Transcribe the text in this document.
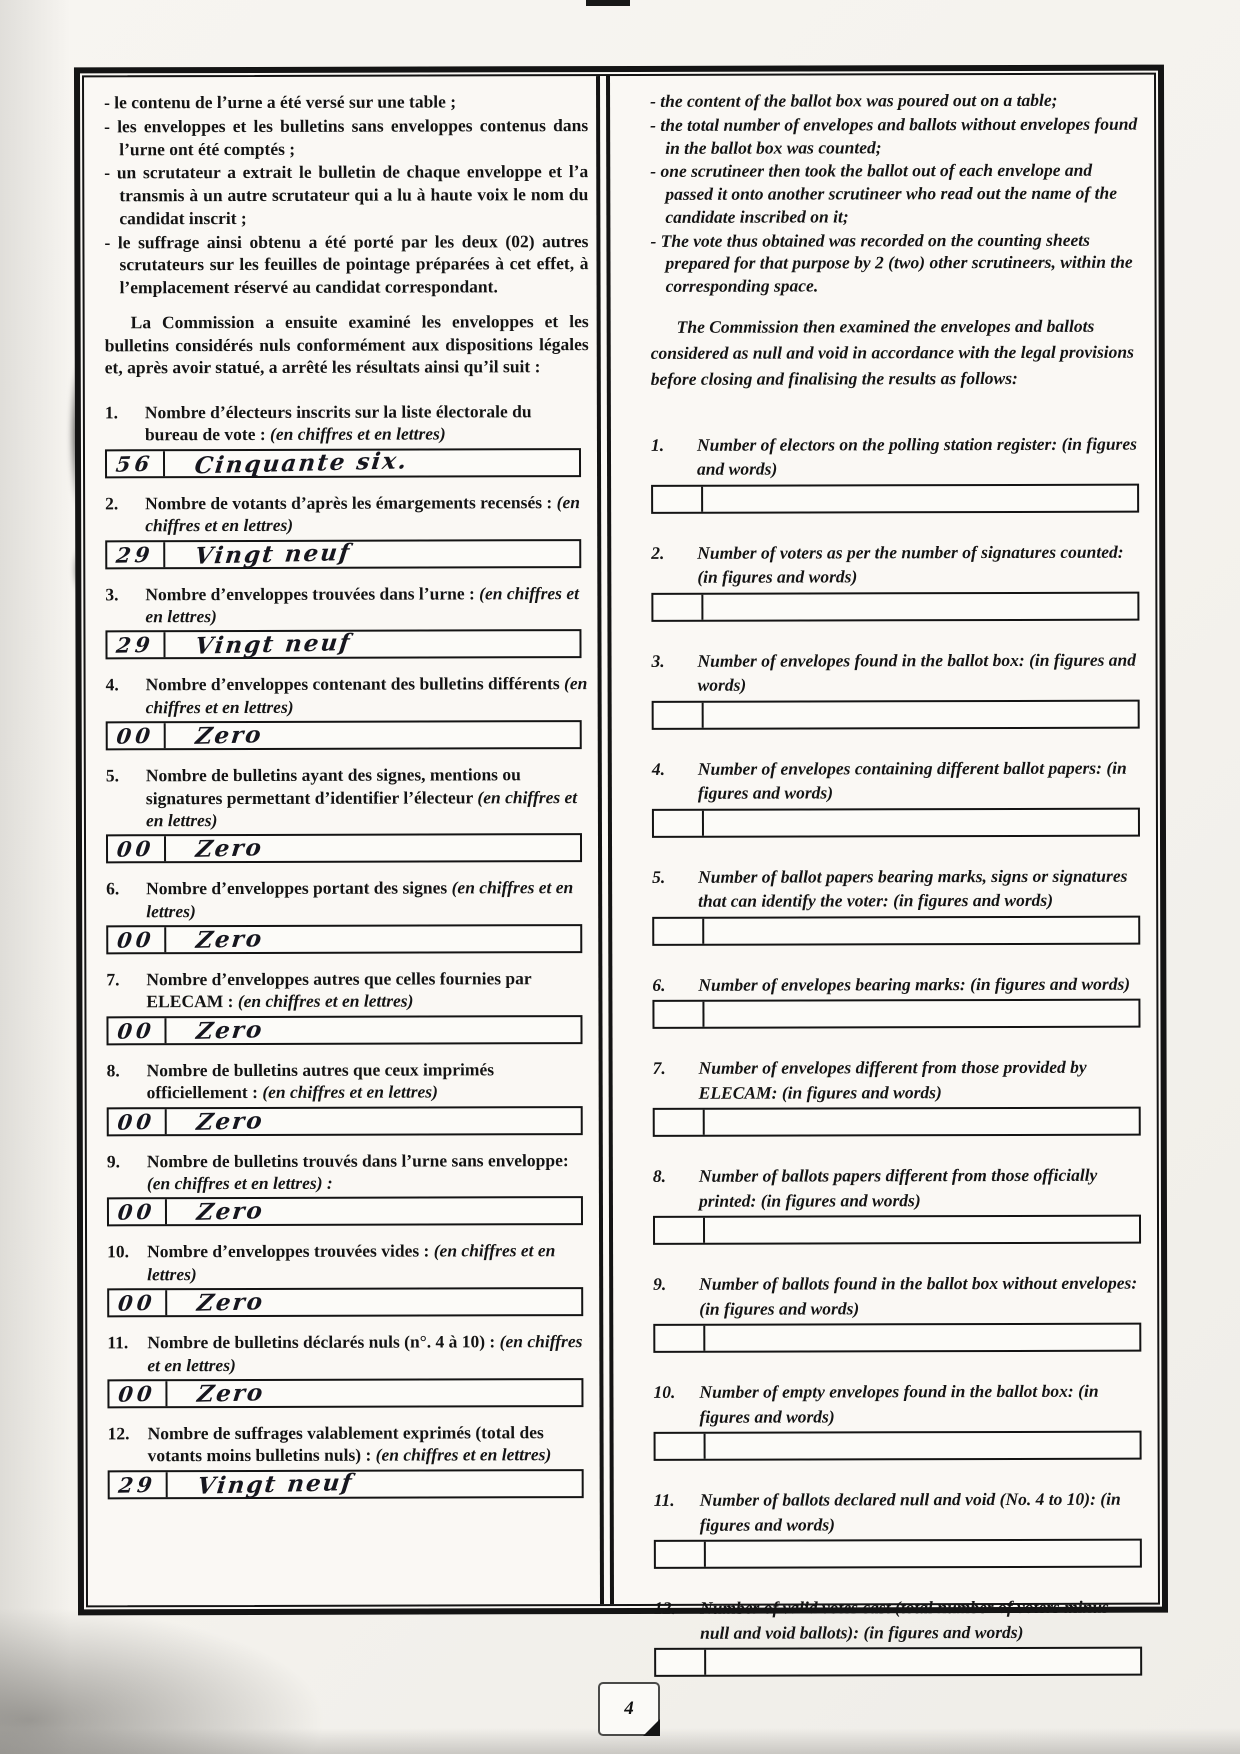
- le contenu de l’urne a été versé sur une table ;
- les enveloppes et les bulletins sans enveloppes contenus dans l’urne ont été comptés ;
- un scrutateur a extrait le bulletin de chaque enveloppe et l’a transmis à un autre scrutateur qui a lu à haute voix le nom du candidat inscrit ;
- le suffrage ainsi obtenu a été porté par les deux (02) autres scrutateurs sur les feuilles de pointage préparées à cet effet, à l’emplacement réservé au candidat correspondant.

La Commission a ensuite examiné les enveloppes et les bulletins considérés nuls conformément aux dispositions légales et, après avoir statué, a arrêté les résultats ainsi qu’il suit :

1.	Nombre d’électeurs inscrits sur la liste électorale du bureau de vote : (en chiffres et en lettres)
56 Cinquante six.
2.	Nombre de votants d’après les émargements recensés : (en chiffres et en lettres)
29 Vingt neuf
3.	Nombre d’enveloppes trouvées dans l’urne : (en chiffres et en lettres)
29 Vingt neuf
4.	Nombre d’enveloppes contenant des bulletins différents (en chiffres et en lettres)
00 Zero
5.	Nombre de bulletins ayant des signes, mentions ou signatures permettant d’identifier l’électeur (en chiffres et en lettres)
00 Zero
6.	Nombre d’enveloppes portant des signes (en chiffres et en lettres)
00 Zero
7.	Nombre d’enveloppes autres que celles fournies par ELECAM : (en chiffres et en lettres)
00 Zero
8.	Nombre de bulletins autres que ceux imprimés officiellement : (en chiffres et en lettres)
00 Zero
9.	Nombre de bulletins trouvés dans l’urne sans enveloppe: (en chiffres et en lettres) :
00 Zero
10.	Nombre d’enveloppes trouvées vides : (en chiffres et en lettres)
00 Zero
11.	Nombre de bulletins déclarés nuls (n°. 4 à 10) : (en chiffres et en lettres)
00 Zero
12.	Nombre de suffrages valablement exprimés (total des votants moins bulletins nuls) : (en chiffres et en lettres)
29 Vingt neuf
- the content of the ballot box was poured out on a table;
- the total number of envelopes and ballots without envelopes found in the ballot box was counted;
- one scrutineer then took the ballot out of each envelope and passed it onto another scrutineer who read out the name of the candidate inscribed on it;
- The vote thus obtained was recorded on the counting sheets prepared for that purpose by 2 (two) other scrutineers, within the corresponding space.

The Commission then examined the envelopes and ballots considered as null and void in accordance with the legal provisions before closing and finalising the results as follows:

1.	Number of electors on the polling station register: (in figures and words)
2.	Number of voters as per the number of signatures counted: (in figures and words)
3.	Number of envelopes found in the ballot box: (in figures and words)
4.	Number of envelopes containing different ballot papers: (in figures and words)
5.	Number of ballot papers bearing marks, signs or signatures that can identify the voter: (in figures and words)
6.	Number of envelopes bearing marks: (in figures and words)
7.	Number of envelopes different from those provided by ELECAM: (in figures and words)
8.	Number of ballots papers different from those officially printed: (in figures and words)
9.	Number of ballots found in the ballot box without envelopes: (in figures and words)
10.	Number of empty envelopes found in the ballot box: (in figures and words)
11.	Number of ballots declared null and void (No. 4 to 10): (in figures and words)
12.	Number of valid votes cast (total number of voters minus null and void ballots): (in figures and words)
4
